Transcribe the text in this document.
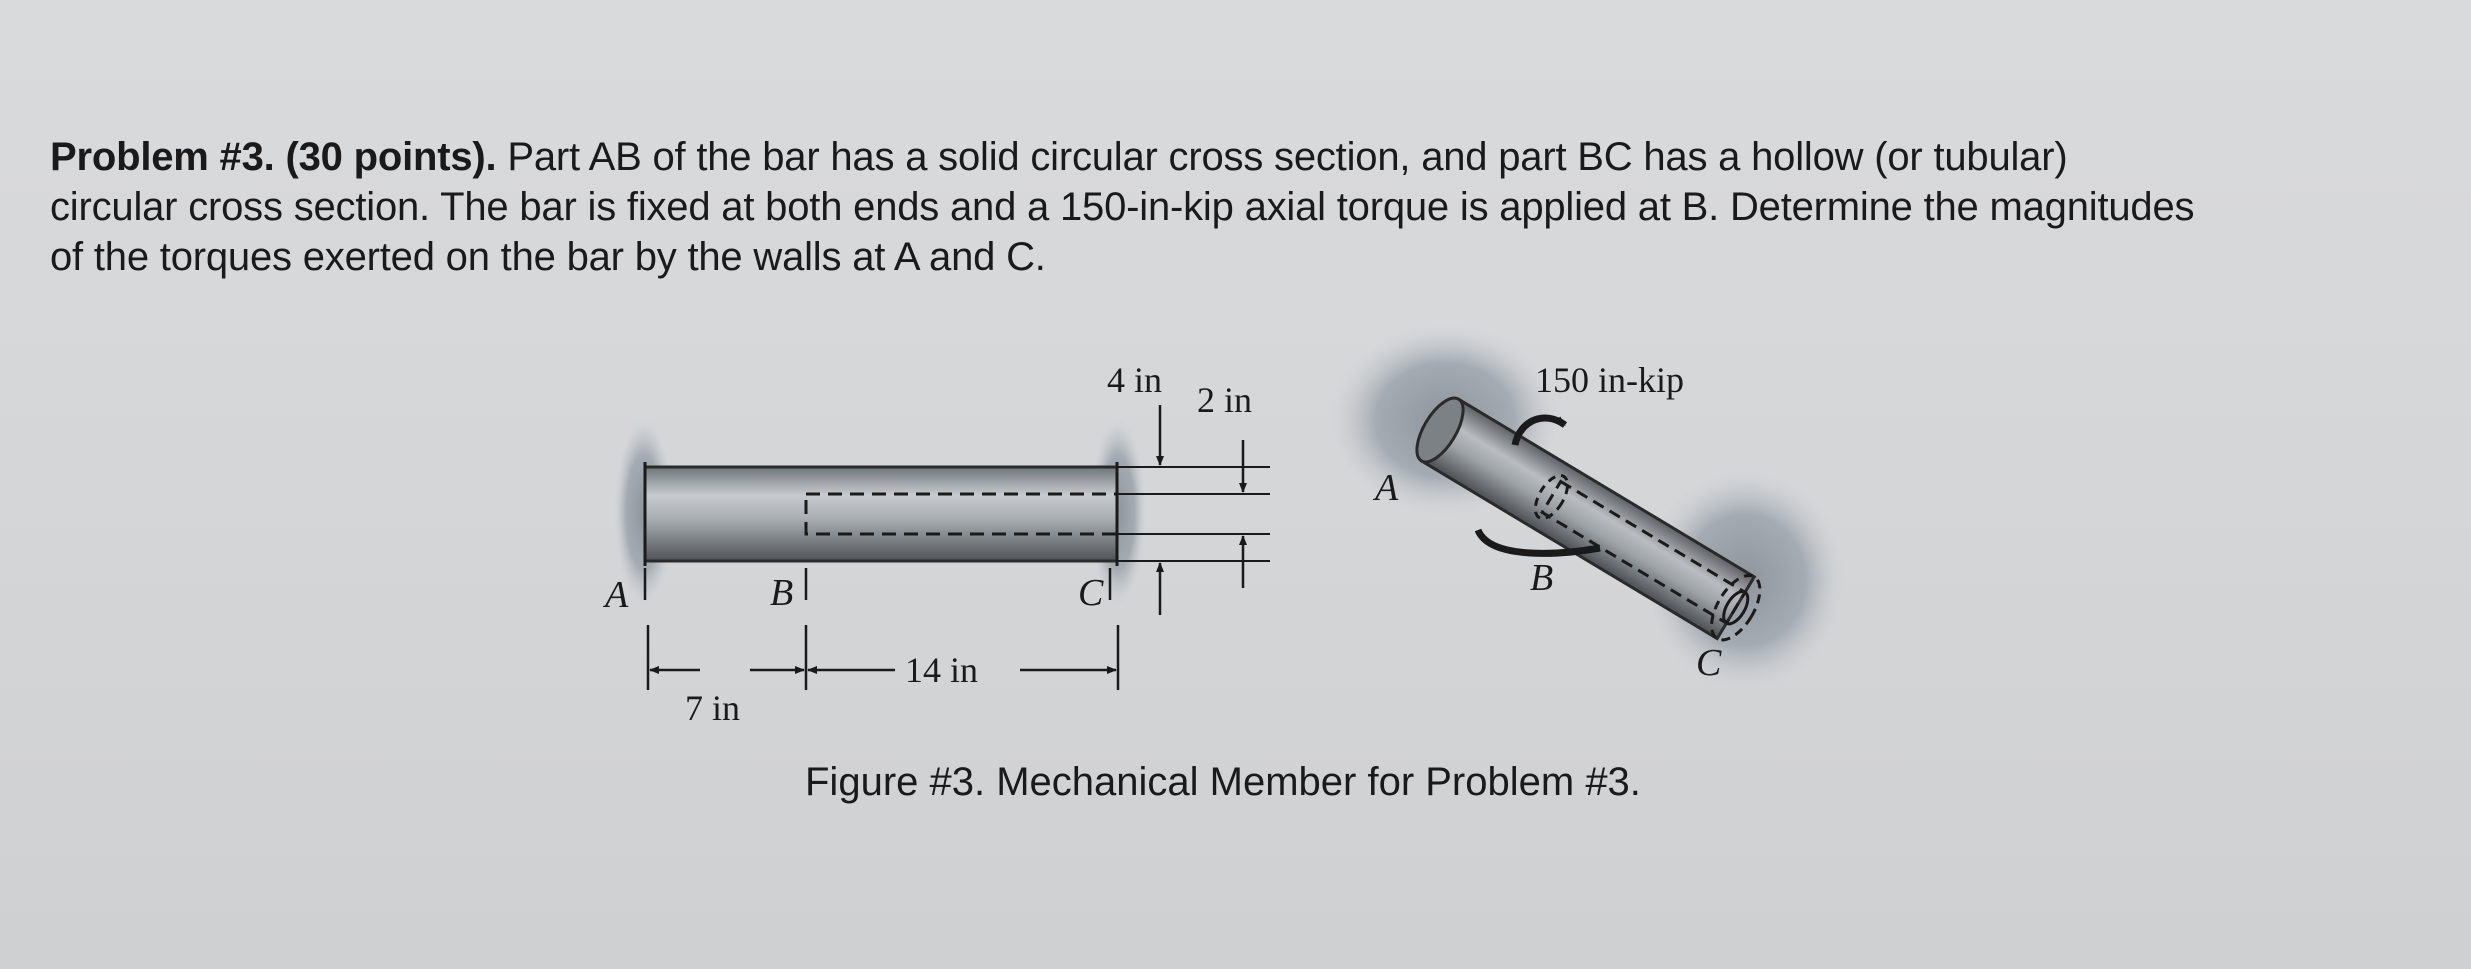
Problem #3. (30 points). Part AB of the bar has a solid circular cross section, and part BC has a hollow (or tubular)
circular cross section. The bar is fixed at both ends and a 150-in-kip axial torque is applied at B. Determine the magnitudes
of the torques exerted on the bar by the walls at A and C.
4 in 2 in
A	B	C
7 in
14 in
150 in-kip
A
B
C
Figure #3. Mechanical Member for Problem #3.
